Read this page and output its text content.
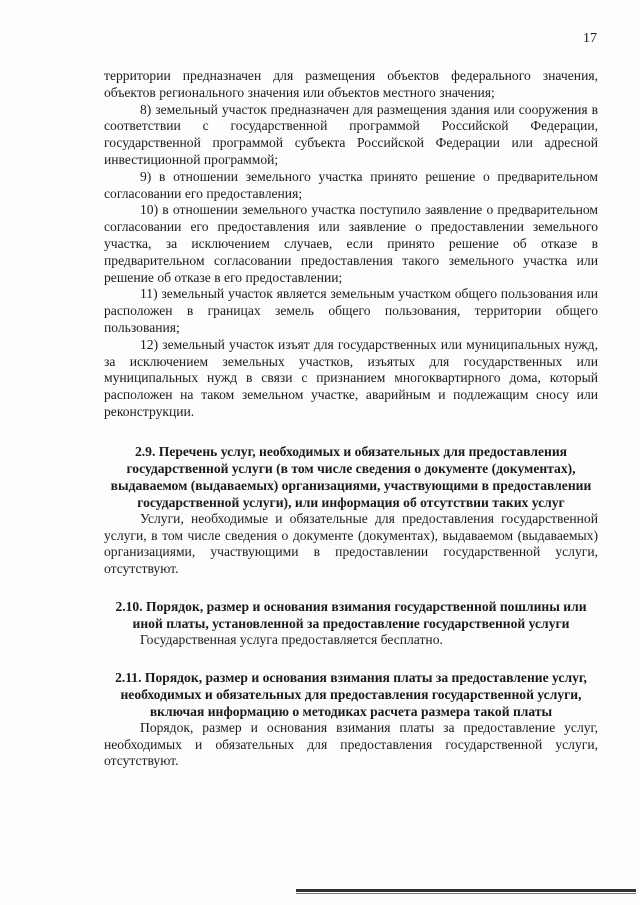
17

территории предназначен для размещения объектов федерального значения, объектов регионального значения или объектов местного значения;

8) земельный участок предназначен для размещения здания или сооружения в соответствии с государственной программой Российской Федерации, государственной программой субъекта Российской Федерации или адресной инвестиционной программой;

9) в отношении земельного участка принято решение о предварительном согласовании его предоставления;

10) в отношении земельного участка поступило заявление о предварительном согласовании его предоставления или заявление о предоставлении земельного участка, за исключением случаев, если принято решение об отказе в предварительном согласовании предоставления такого земельного участка или решение об отказе в его предоставлении;

11) земельный участок является земельным участком общего пользования или расположен в границах земель общего пользования, территории общего пользования;

12) земельный участок изъят для государственных или муниципальных нужд, за исключением земельных участков, изъятых для государственных или муниципальных нужд в связи с признанием многоквартирного дома, который расположен на таком земельном участке, аварийным и подлежащим сносу или реконструкции.

2.9. Перечень услуг, необходимых и обязательных для предоставления государственной услуги (в том числе сведения о документе (документах), выдаваемом (выдаваемых) организациями, участвующими в предоставлении государственной услуги), или информация об отсутствии таких услуг

Услуги, необходимые и обязательные для предоставления государственной услуги, в том числе сведения о документе (документах), выдаваемом (выдаваемых) организациями, участвующими в предоставлении государственной услуги, отсутствуют.

2.10. Порядок, размер и основания взимания государственной пошлины или иной платы, установленной за предоставление государственной услуги

Государственная услуга предоставляется бесплатно.

2.11. Порядок, размер и основания взимания платы за предоставление услуг, необходимых и обязательных для предоставления государственной услуги, включая информацию о методиках расчета размера такой платы

Порядок, размер и основания взимания платы за предоставление услуг, необходимых и обязательных для предоставления государственной услуги, отсутствуют.
